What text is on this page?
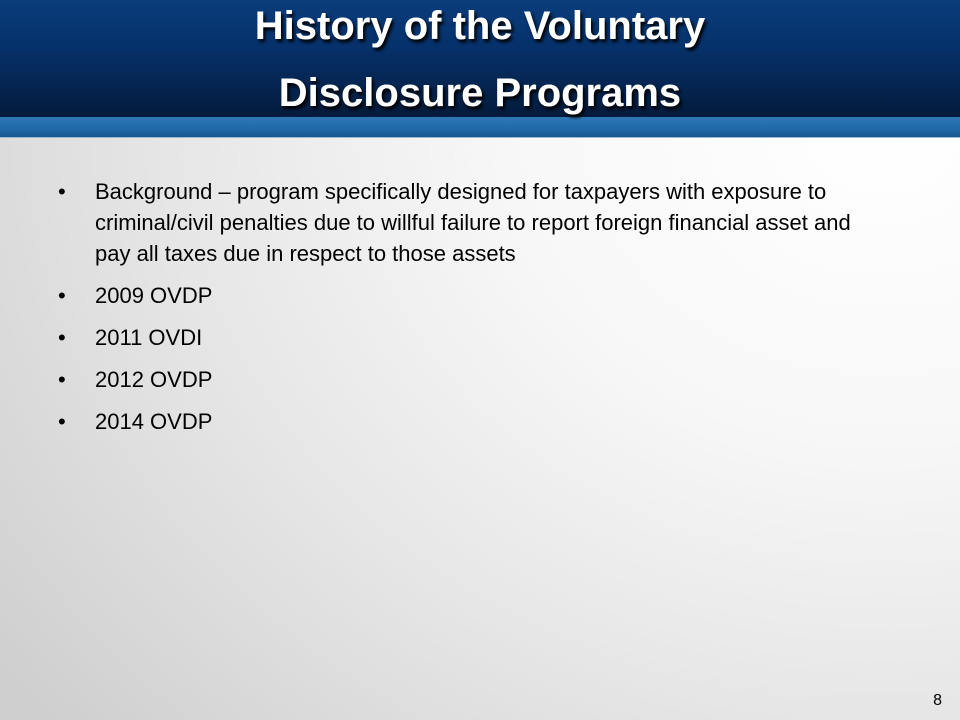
History of the Voluntary
Disclosure Programs
•	Background – program specifically designed for taxpayers with exposure to criminal/civil penalties due to willful failure to report foreign financial asset and pay all taxes due in respect to those assets
•	2009 OVDP
•	2011 OVDI
•	2012 OVDP
•	2014 OVDP
8
